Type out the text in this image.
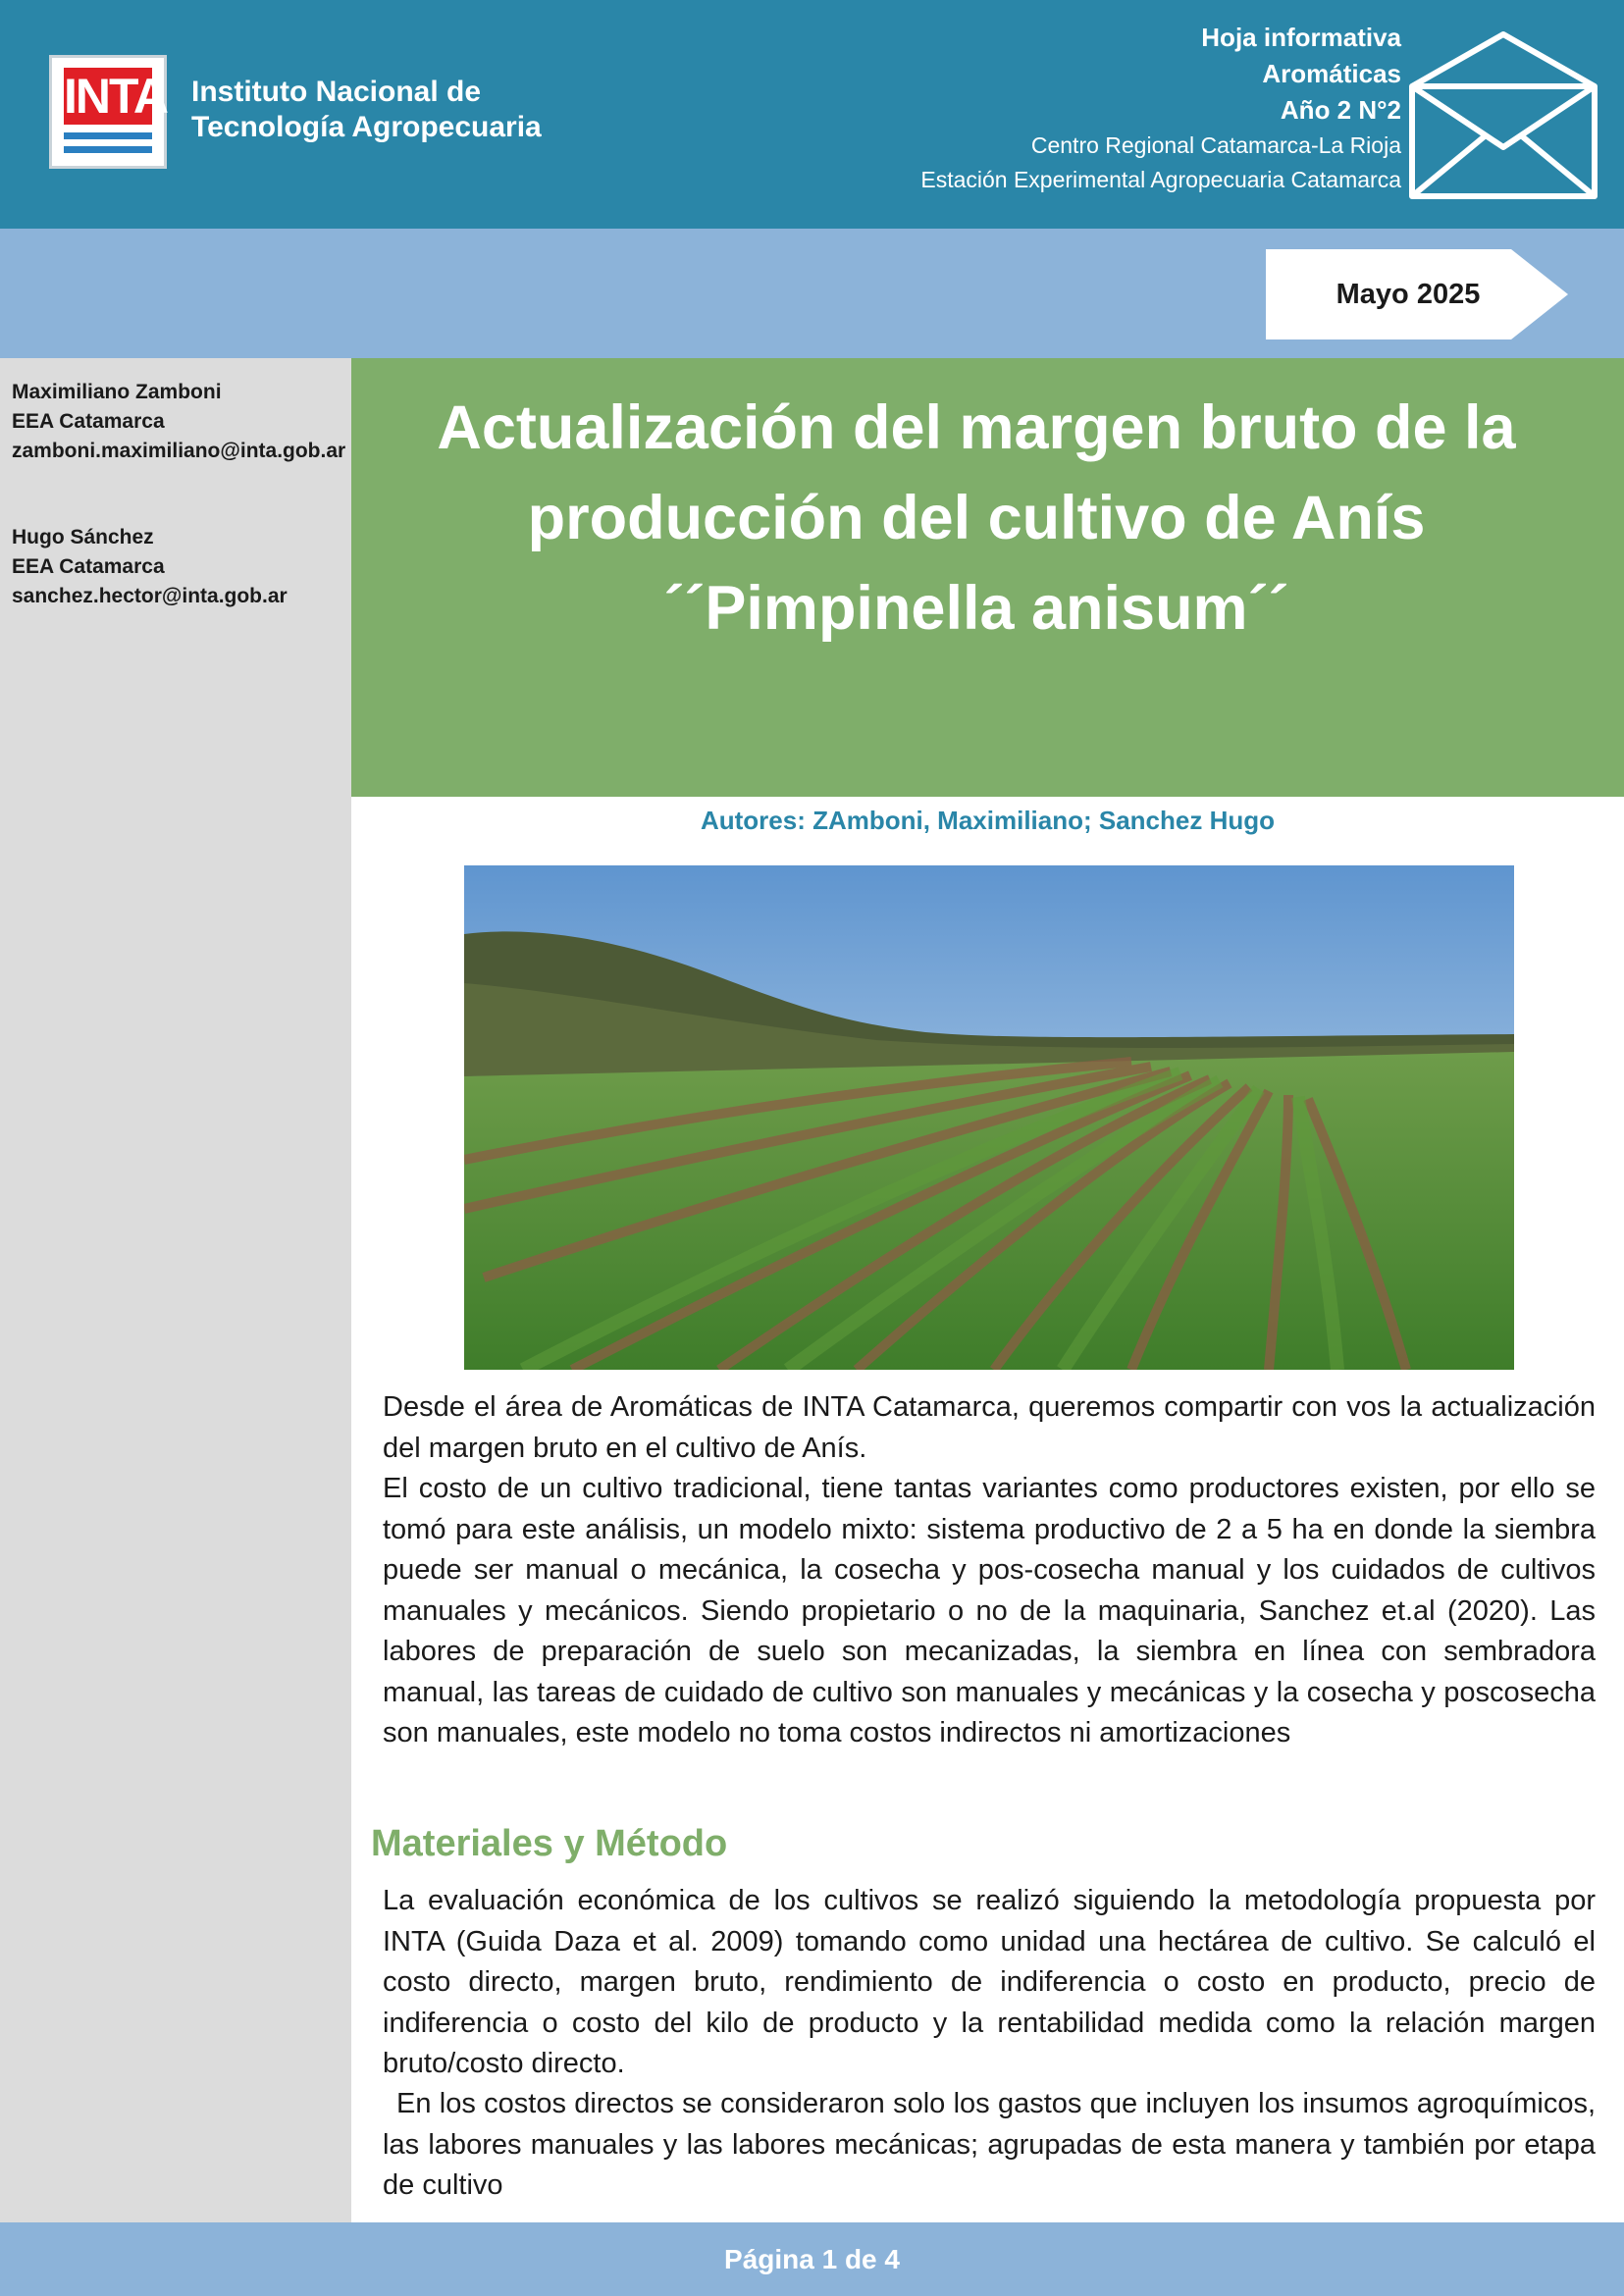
INTA Instituto Nacional de
Tecnología Agropecuaria
Hoja informativa
Aromáticas
Año 2 N°2
Centro Regional Catamarca-La Rioja
Estación Experimental Agropecuaria Catamarca
Mayo 2025
Maximiliano Zamboni
EEA Catamarca
zamboni.maximiliano@inta.gob.ar
Hugo Sánchez
EEA Catamarca
sanchez.hector@inta.gob.ar
Actualización del margen bruto de la
producción del cultivo de Anís
´´Pimpinella anisum´´
Autores: ZAmboni, Maximiliano; Sanchez Hugo
Desde el área de Aromáticas de INTA Catamarca, queremos compartir con vos la actualización del margen bruto en el cultivo de Anís.
El costo de un cultivo tradicional, tiene tantas variantes como productores existen, por ello se tomó para este análisis, un modelo mixto: sistema productivo de 2 a 5 ha en donde la siembra puede ser manual o mecánica, la cosecha y pos-cosecha manual y los cuidados de cultivos manuales y mecánicos. Siendo propietario o no de la maquinaria, Sanchez et.al (2020). Las labores de preparación de suelo son mecanizadas, la siembra en línea con sembradora manual, las tareas de cuidado de cultivo son manuales y mecánicas y la cosecha y poscosecha son manuales, este modelo no toma costos indirectos ni amortizaciones
Materiales y Método
La evaluación económica de los cultivos se realizó siguiendo la metodología propuesta por INTA (Guida Daza et al. 2009) tomando como unidad una hectárea de cultivo. Se calculó el costo directo, margen bruto, rendimiento de indiferencia o costo en producto, precio de indiferencia o costo del kilo de producto y la rentabilidad medida como la relación margen bruto/costo directo.
En los costos directos se consideraron solo los gastos que incluyen los insumos agroquímicos, las labores manuales y las labores mecánicas; agrupadas de esta manera y también por etapa de cultivo
Página 1 de 4
